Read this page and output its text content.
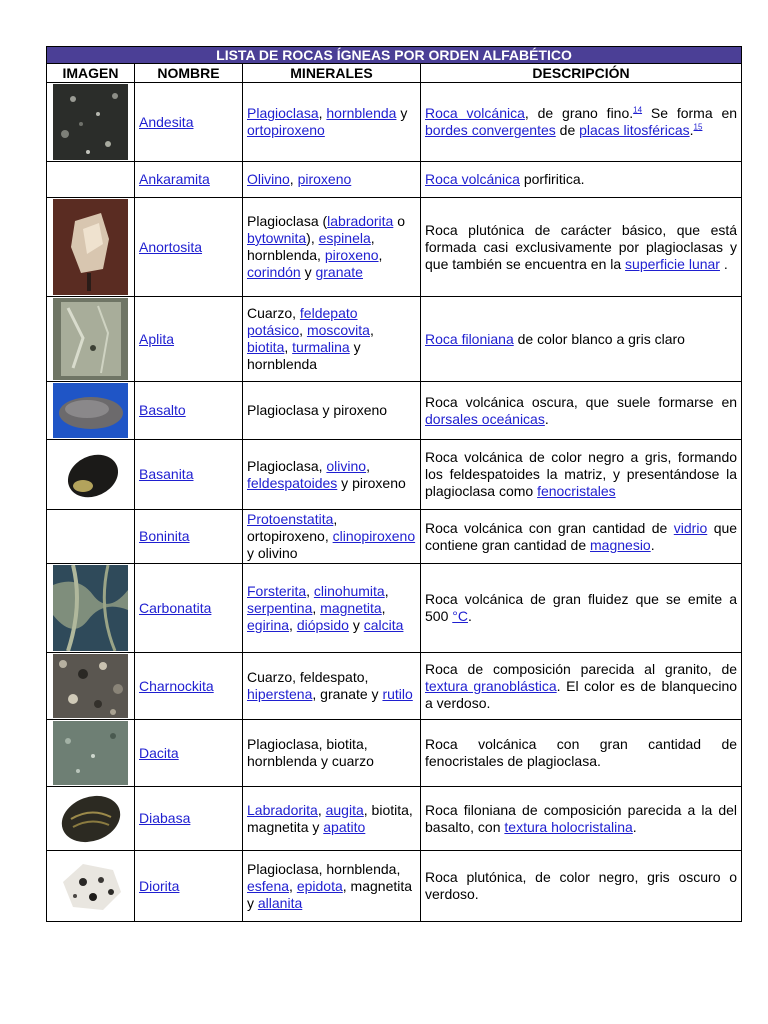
LISTA DE ROCAS ÍGNEAS POR ORDEN ALFABÉTICO			
IMAGEN	NOMBRE	MINERALES	DESCRIPCIÓN

	Andesita	Plagioclasa, hornblenda y ortopiroxeno	Roca volcánica, de grano fino.$^{14}$ Se forma en bordes convergentes de placas litosféricas.$^{15}$
	Ankaramita	Olivino, piroxeno	Roca volcánica porfiritica.

	Anortosita	Plagioclasa (labradorita o bytownita), espinela, hornblenda, piroxeno, corindón y granate	Roca plutónica de carácter básico, que está formada casi exclusivamente por plagioclasas y que también se encuentra en la superficie lunar .

	Aplita	Cuarzo, feldepato potásico, moscovita, biotita, turmalina y hornblenda	Roca filoniana de color blanco a gris claro

	Basalto	Plagioclasa y piroxeno	Roca volcánica oscura, que suele formarse en dorsales oceánicas.

	Basanita	Plagioclasa, olivino, feldespatoides y piroxeno	Roca volcánica de color negro a gris, formando los feldespatoides la matriz, y presentándose la plagioclasa como fenocristales
	Boninita	Protoenstatita, ortopiroxeno, clinopiroxeno y olivino	Roca volcánica con gran cantidad de vidrio que contiene gran cantidad de magnesio.

	Carbonatita	Forsterita, clinohumita, serpentina, magnetita, egirina, diópsido y calcita	Roca volcánica de gran fluidez que se emite a 500 °C.

	Charnockita	Cuarzo, feldespato, hiperstena, granate y rutilo	Roca de composición parecida al granito, de textura granoblástica. El color es de blanquecino a verdoso.

	Dacita	Plagioclasa, biotita, hornblenda y cuarzo	Roca volcánica con gran cantidad de fenocristales de plagioclasa.

	Diabasa	Labradorita, augita, biotita, magnetita y apatito	Roca filoniana de composición parecida a la del basalto, con textura holocristalina.

	Diorita	Plagioclasa, hornblenda, esfena, epidota, magnetita y allanita	Roca plutónica, de color negro, gris oscuro o verdoso.
